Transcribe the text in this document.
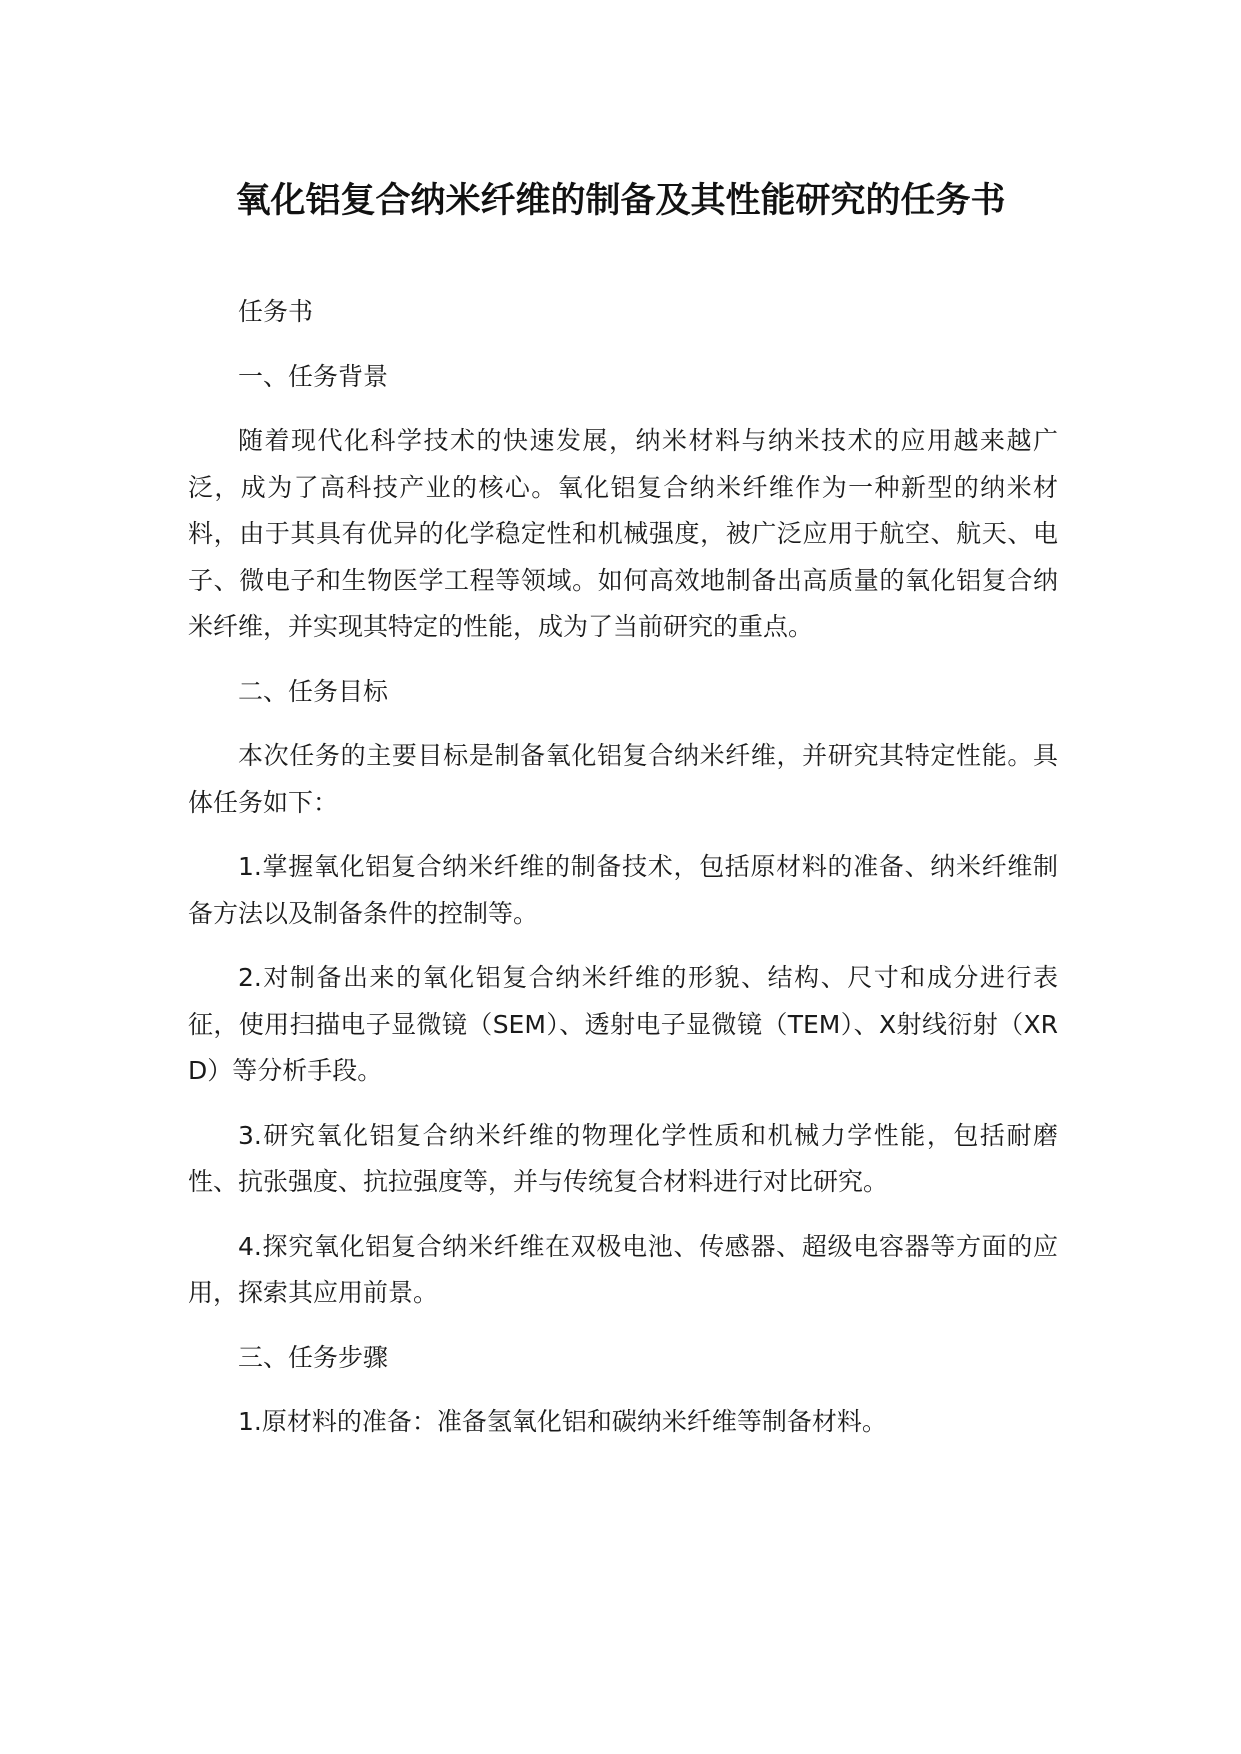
氧化铝复合纳米纤维的制备及其性能研究的任务书

任务书

一、任务背景

随着现代化科学技术的快速发展，纳米材料与纳米技术的应用越来越广泛，成为了高科技产业的核心。氧化铝复合纳米纤维作为一种新型的纳米材料，由于其具有优异的化学稳定性和机械强度，被广泛应用于航空、航天、电子、微电子和生物医学工程等领域。如何高效地制备出高质量的氧化铝复合纳米纤维，并实现其特定的性能，成为了当前研究的重点。

二、任务目标

本次任务的主要目标是制备氧化铝复合纳米纤维，并研究其特定性能。具体任务如下：

1.掌握氧化铝复合纳米纤维的制备技术，包括原材料的准备、纳米纤维制备方法以及制备条件的控制等。

2.对制备出来的氧化铝复合纳米纤维的形貌、结构、尺寸和成分进行表征，使用扫描电子显微镜（SEM）、透射电子显微镜（TEM）、X射线衍射（XRD）等分析手段。

3.研究氧化铝复合纳米纤维的物理化学性质和机械力学性能，包括耐磨性、抗张强度、抗拉强度等，并与传统复合材料进行对比研究。

4.探究氧化铝复合纳米纤维在双极电池、传感器、超级电容器等方面的应用，探索其应用前景。

三、任务步骤

1.原材料的准备：准备氢氧化铝和碳纳米纤维等制备材料。
